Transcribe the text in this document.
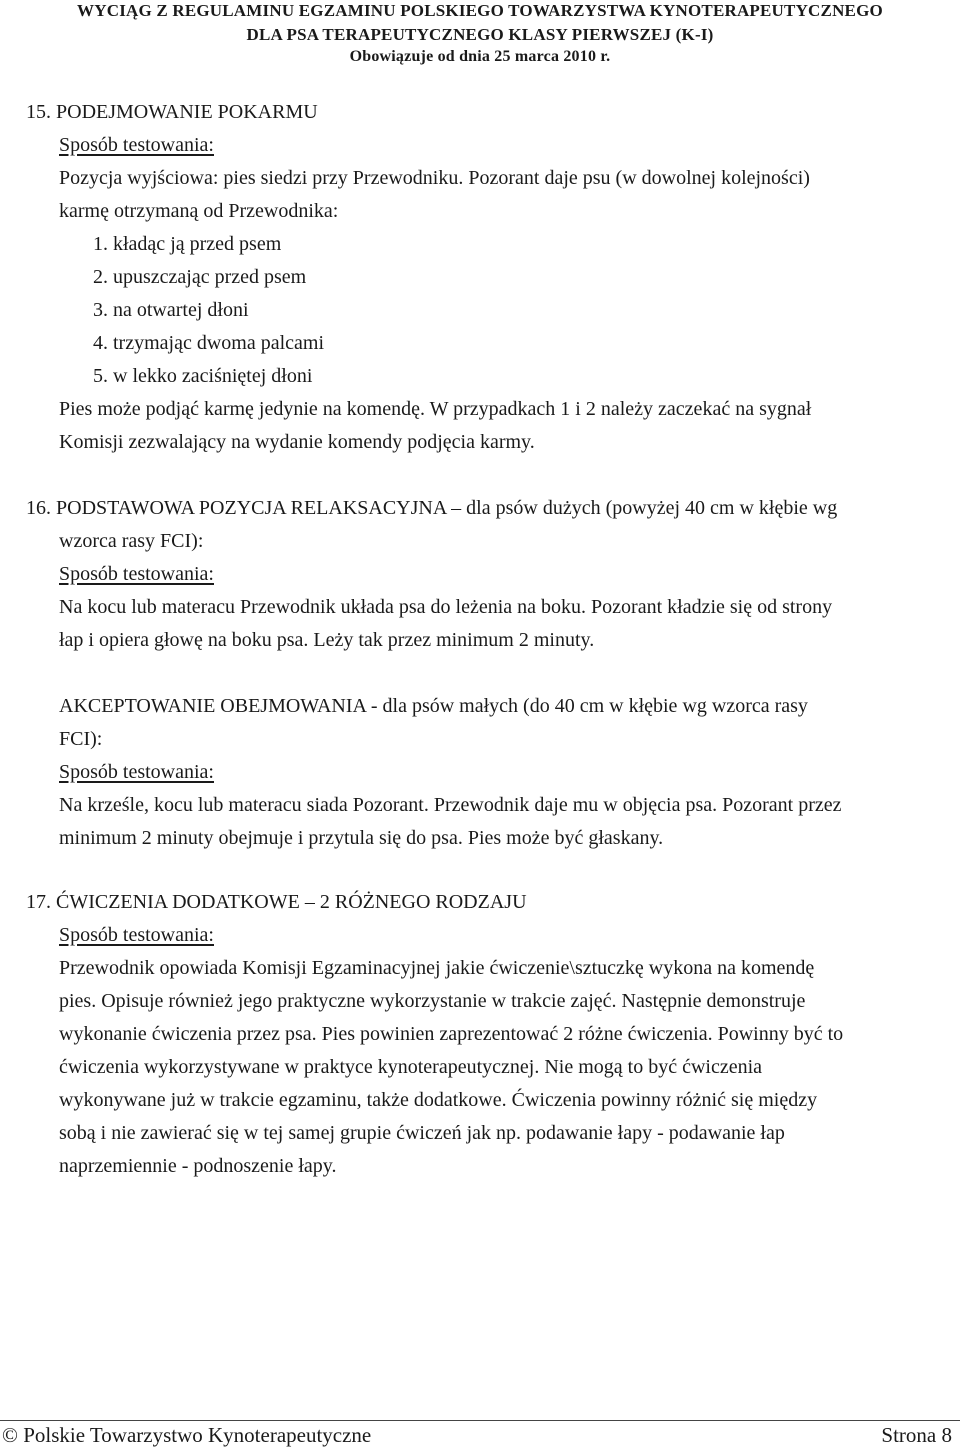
WYCIĄG Z REGULAMINU EGZAMINU POLSKIEGO TOWARZYSTWA KYNOTERAPEUTYCZNEGO
DLA PSA TERAPEUTYCZNEGO KLASY PIERWSZEJ (K-I)
Obowiązuje od dnia 25 marca 2010 r.
15. PODEJMOWANIE POKARMU
Sposób testowania:
Pozycja wyjściowa: pies siedzi przy Przewodniku. Pozorant daje psu (w dowolnej kolejności)
karmę otrzymaną od Przewodnika:
1. kładąc ją przed psem
2. upuszczając przed psem
3. na otwartej dłoni
4. trzymając dwoma palcami
5. w lekko zaciśniętej dłoni
Pies może podjąć karmę jedynie na komendę. W przypadkach 1 i 2 należy zaczekać na sygnał
Komisji zezwalający na wydanie komendy podjęcia karmy.
16. PODSTAWOWA POZYCJA RELAKSACYJNA – dla psów dużych (powyżej 40 cm w kłębie wg
wzorca rasy FCI):
Sposób testowania:
Na kocu lub materacu Przewodnik układa psa do leżenia na boku. Pozorant kładzie się od strony
łap i opiera głowę na boku psa. Leży tak przez minimum 2 minuty.
AKCEPTOWANIE OBEJMOWANIA - dla psów małych (do 40 cm w kłębie wg wzorca rasy
FCI):
Sposób testowania:
Na krześle, kocu lub materacu siada Pozorant. Przewodnik daje mu w objęcia psa. Pozorant przez
minimum 2 minuty obejmuje i przytula się do psa. Pies może być głaskany.
17. ĆWICZENIA DODATKOWE – 2 RÓŻNEGO RODZAJU
Sposób testowania:
Przewodnik opowiada Komisji Egzaminacyjnej jakie ćwiczenie\sztuczkę wykona na komendę
pies. Opisuje również jego praktyczne wykorzystanie w trakcie zajęć. Następnie demonstruje
wykonanie ćwiczenia przez psa. Pies powinien zaprezentować 2 różne ćwiczenia. Powinny być to
ćwiczenia wykorzystywane w praktyce kynoterapeutycznej. Nie mogą to być ćwiczenia
wykonywane już w trakcie egzaminu, także dodatkowe. Ćwiczenia powinny różnić się między
sobą i nie zawierać się w tej samej grupie ćwiczeń jak np. podawanie łapy - podawanie łap
naprzemiennie - podnoszenie łapy.
© Polskie Towarzystwo Kynoterapeutyczne	Strona 8
